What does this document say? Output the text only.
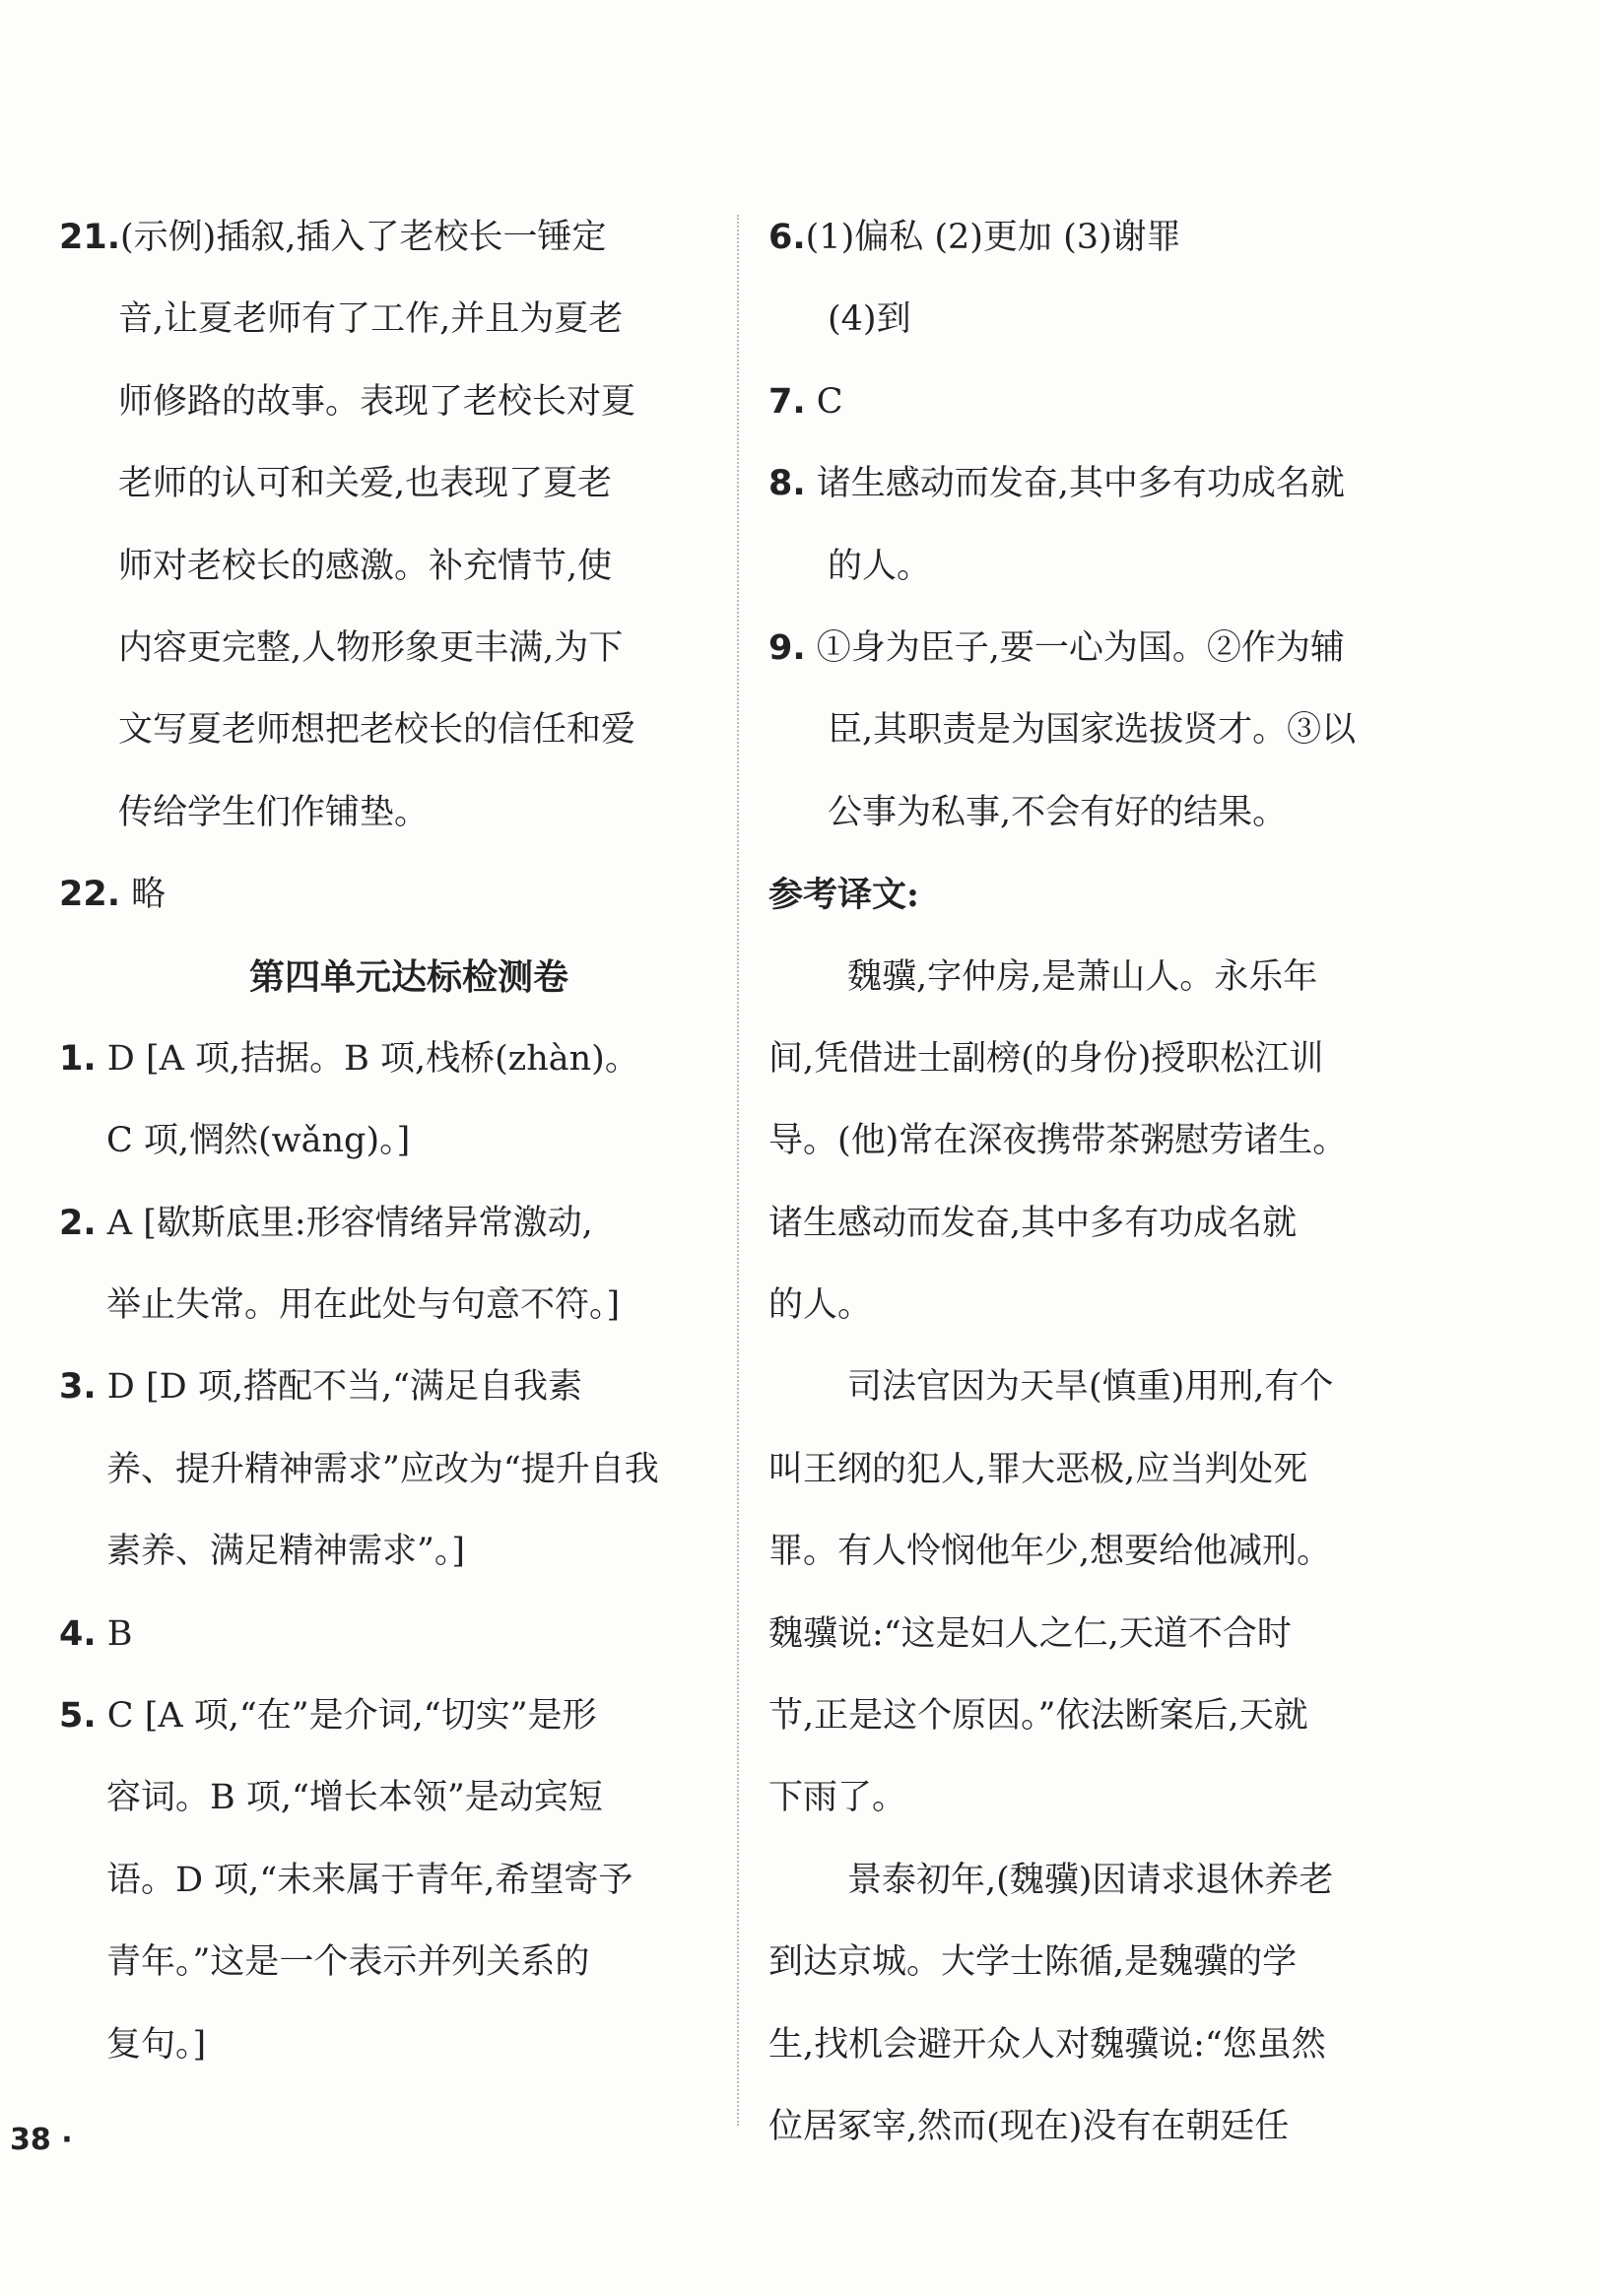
21.(示例)插叙,插入了老校长一锤定
音,让夏老师有了工作,并且为夏老
师修路的故事。表现了老校长对夏
老师的认可和关爱,也表现了夏老
师对老校长的感激。补充情节,使
内容更完整,人物形象更丰满,为下
文写夏老师想把老校长的信任和爱
传给学生们作铺垫。
22. 略
第四单元达标检测卷
1. D [A 项,拮据。B 项,栈桥(zhàn)。
C 项,惘然(wǎng)。]
2. A [歇斯底里:形容情绪异常激动,
举止失常。用在此处与句意不符。]
3. D [D 项,搭配不当,“满足自我素
养、提升精神需求”应改为“提升自我
素养、满足精神需求”。]
4. B
5. C [A 项,“在”是介词,“切实”是形
容词。B 项,“增长本领”是动宾短
语。D 项,“未来属于青年,希望寄予
青年。”这是一个表示并列关系的
复句。]
6.(1)偏私 (2)更加 (3)谢罪
(4)到
7. C
8. 诸生感动而发奋,其中多有功成名就
的人。
9. ①身为臣子,要一心为国。②作为辅
臣,其职责是为国家选拔贤才。③以
公事为私事,不会有好的结果。
参考译文:
魏骥,字仲房,是萧山人。永乐年
间,凭借进士副榜(的身份)授职松江训
导。(他)常在深夜携带茶粥慰劳诸生。
诸生感动而发奋,其中多有功成名就
的人。
司法官因为天旱(慎重)用刑,有个
叫王纲的犯人,罪大恶极,应当判处死
罪。有人怜悯他年少,想要给他减刑。
魏骥说:“这是妇人之仁,天道不合时
节,正是这个原因。”依法断案后,天就
下雨了。
景泰初年,(魏骥)因请求退休养老
到达京城。大学士陈循,是魏骥的学
生,找机会避开众人对魏骥说:“您虽然
位居冢宰,然而(现在)没有在朝廷任
38 ·
